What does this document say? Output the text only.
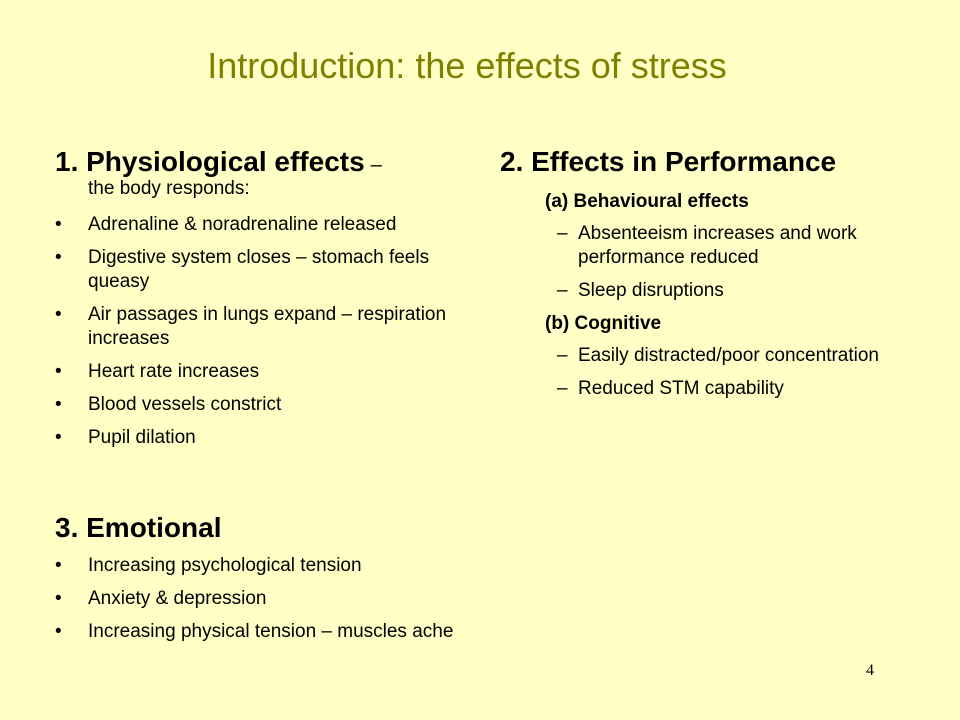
Introduction: the effects of stress

1. Physiological effects –

the body responds:

• Adrenaline & noradrenaline released
• Digestive system closes – stomach feels queasy
• Air passages in lungs expand – respiration increases
• Heart rate increases
• Blood vessels constrict
• Pupil dilation

3. Emotional

• Increasing psychological tension
• Anxiety & depression
• Increasing physical tension – muscles ache

2. Effects in Performance

(a) Behavioural effects

– Absenteeism increases and work performance reduced
– Sleep disruptions

(b) Cognitive

– Easily distracted/poor concentration
– Reduced STM capability
4
